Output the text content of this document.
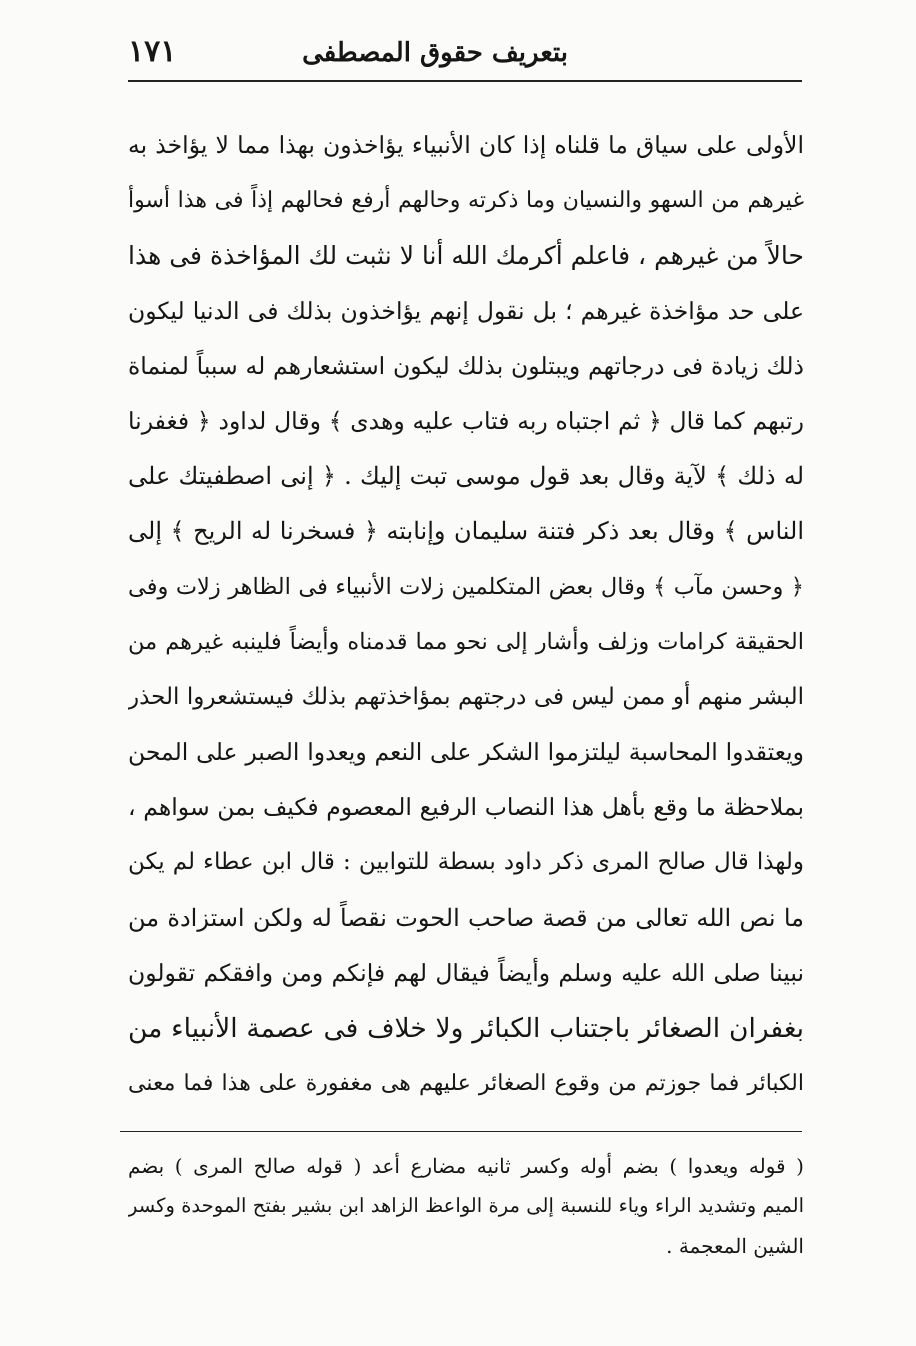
بتعريف حقوق المصطفى
١٧١
الأولى على سياق ما قلناه إذا كان الأنبياء يؤاخذون بهذا مما لا يؤاخذ به
غيرهم من السهو والنسيان وما ذكرته وحالهم أرفع فحالهم إذاً فى هذا أسوأ
حالاً من غيرهم ، فاعلم أكرمك الله أنا لا نثبت لك المؤاخذة فى هذا
على حد مؤاخذة غيرهم ؛ بل نقول إنهم يؤاخذون بذلك فى الدنيا ليكون
ذلك زيادة فى درجاتهم ويبتلون بذلك ليكون استشعارهم له سبباً لمنماة
رتبهم كما قال ﴿ ثم اجتباه ربه فتاب عليه وهدى ﴾ وقال لداود ﴿ فغفرنا
له ذلك ﴾ لآية وقال بعد قول موسى تبت إليك . ﴿ إنى اصطفيتك على
الناس ﴾ وقال بعد ذكر فتنة سليمان وإنابته ﴿ فسخرنا له الريح ﴾ إلى
﴿ وحسن مآب ﴾ وقال بعض المتكلمين زلات الأنبياء فى الظاهر زلات وفى
الحقيقة كرامات وزلف وأشار إلى نحو مما قدمناه وأيضاً فلينبه غيرهم من
البشر منهم أو ممن ليس فى درجتهم بمؤاخذتهم بذلك فيستشعروا الحذر
ويعتقدوا المحاسبة ليلتزموا الشكر على النعم ويعدوا الصبر على المحن
بملاحظة ما وقع بأهل هذا النصاب الرفيع المعصوم فكيف بمن سواهم ،
ولهذا قال صالح المرى ذكر داود بسطة للتوابين : قال ابن عطاء لم يكن
ما نص الله تعالى من قصة صاحب الحوت نقصاً له ولكن استزادة من
نبينا صلى الله عليه وسلم وأيضاً فيقال لهم فإنكم ومن وافقكم تقولون
بغفران الصغائر باجتناب الكبائر ولا خلاف فى عصمة الأنبياء من
الكبائر فما جوزتم من وقوع الصغائر عليهم هى مغفورة على هذا فما معنى
( قوله ويعدوا ) بضم أوله وكسر ثانيه مضارع أعد ( قوله صالح المرى ) بضم
الميم وتشديد الراء وياء للنسبة إلى مرة الواعظ الزاهد ابن بشير بفتح الموحدة وكسر
الشين المعجمة .
